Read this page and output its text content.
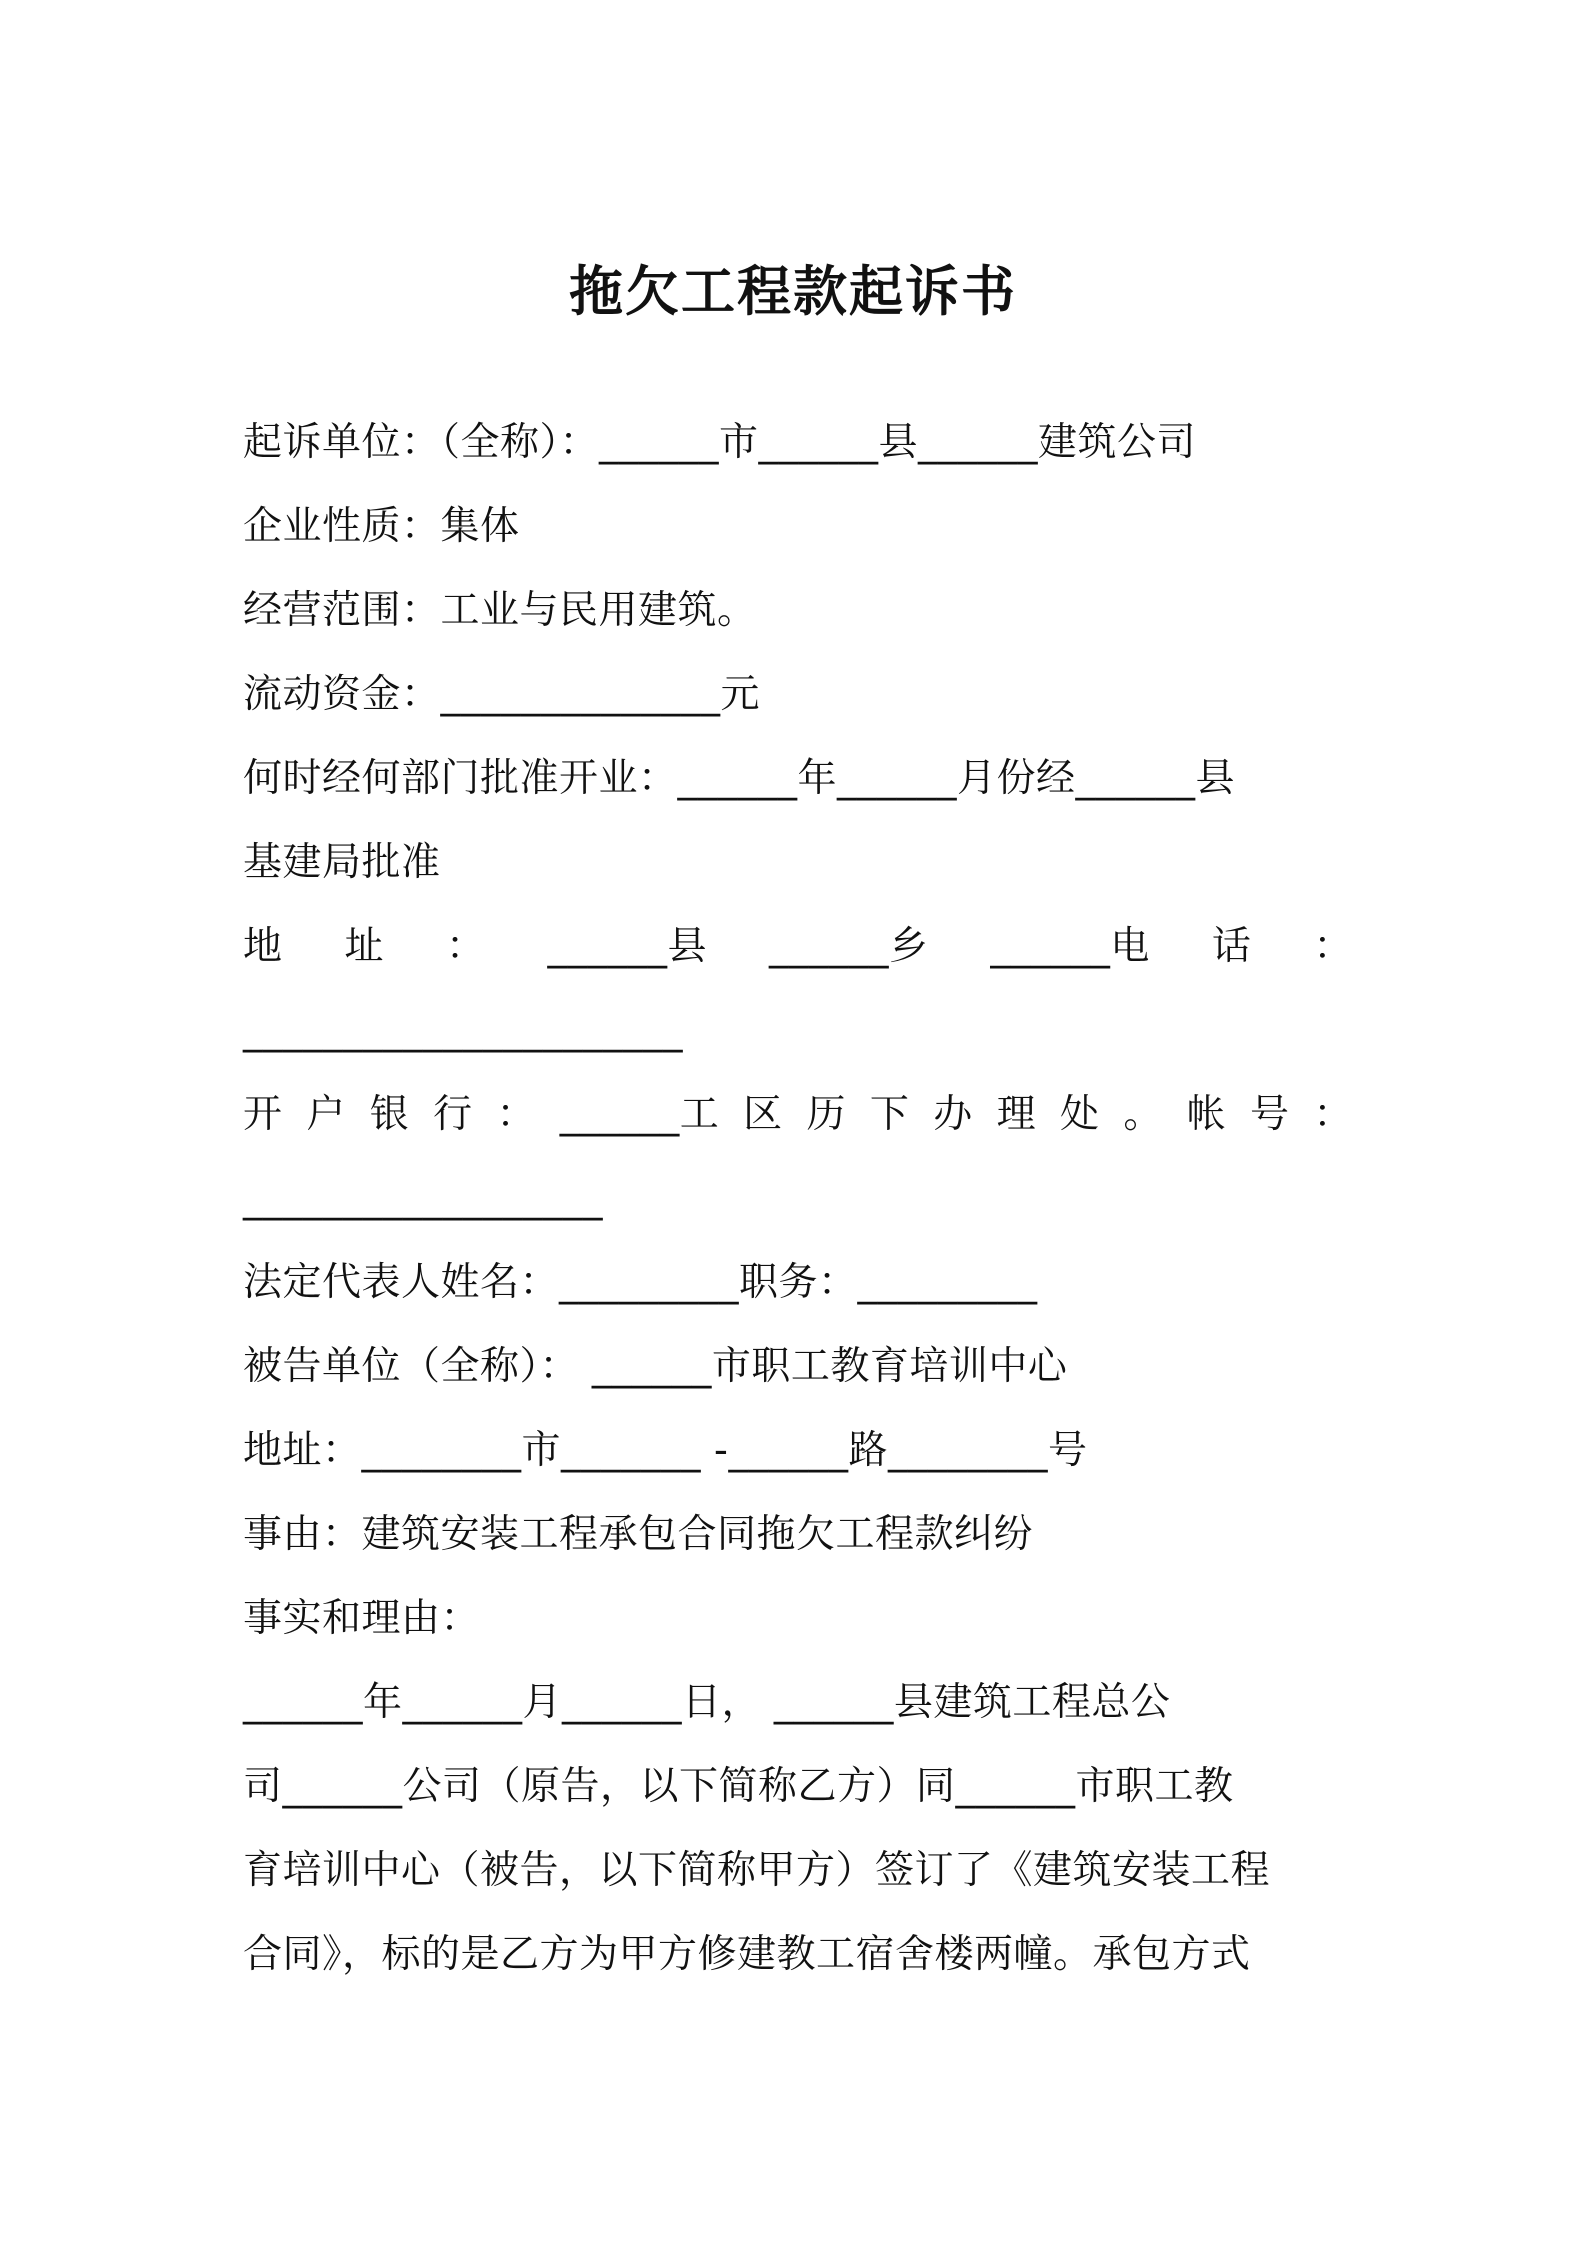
拖欠工程款起诉书
起诉单位：（全称）：______市______县______建筑公司
企业性质：集体
经营范围：工业与民用建筑。
流动资金：______________元
何时经何部门批准开业：______年______月份经______县
基建局批准
地 址 ： ______县 ______乡 ______电 话 ：
______________________
开 户 银 行 ： ______工 区 历 下 办 理 处 。 帐 号 ：
__________________
法定代表人姓名：_________职务：_________
被告单位（全称）： ______市职工教育培训中心
地址：________市_______ -______路________号
事由：建筑安装工程承包合同拖欠工程款纠纷
事实和理由：
______年______月______日， ______县建筑工程总公
司______公司（原告，以下简称乙方）同______市职工教
育培训中心（被告，以下简称甲方）签订了《建筑安装工程
合同》，标的是乙方为甲方修建教工宿舍楼两幢。承包方式
